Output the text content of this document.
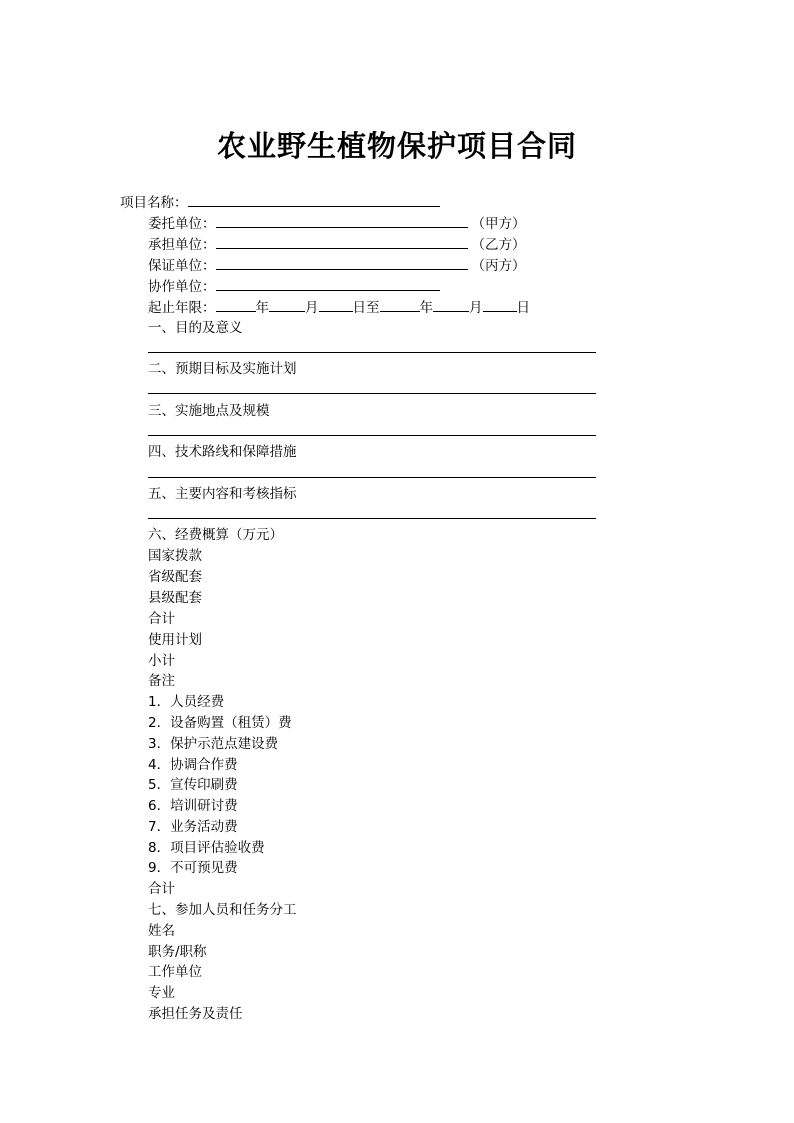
农业野生植物保护项目合同
项目名称：
委托单位：	（甲方）
承担单位：	（乙方）
保证单位：	（丙方）
协作单位：
起止年限：	年	月	日至	年	月	日
一、目的及意义
二、预期目标及实施计划
三、实施地点及规模
四、技术路线和保障措施
五、主要内容和考核指标
六、经费概算（万元）
国家拨款
省级配套
县级配套
合计
使用计划
小计
备注
1．人员经费
2．设备购置（租赁）费
3．保护示范点建设费
4．协调合作费
5．宣传印刷费
6．培训研讨费
7．业务活动费
8．项目评估验收费
9．不可预见费
合计
七、参加人员和任务分工
姓名
职务/职称
工作单位
专业
承担任务及责任
